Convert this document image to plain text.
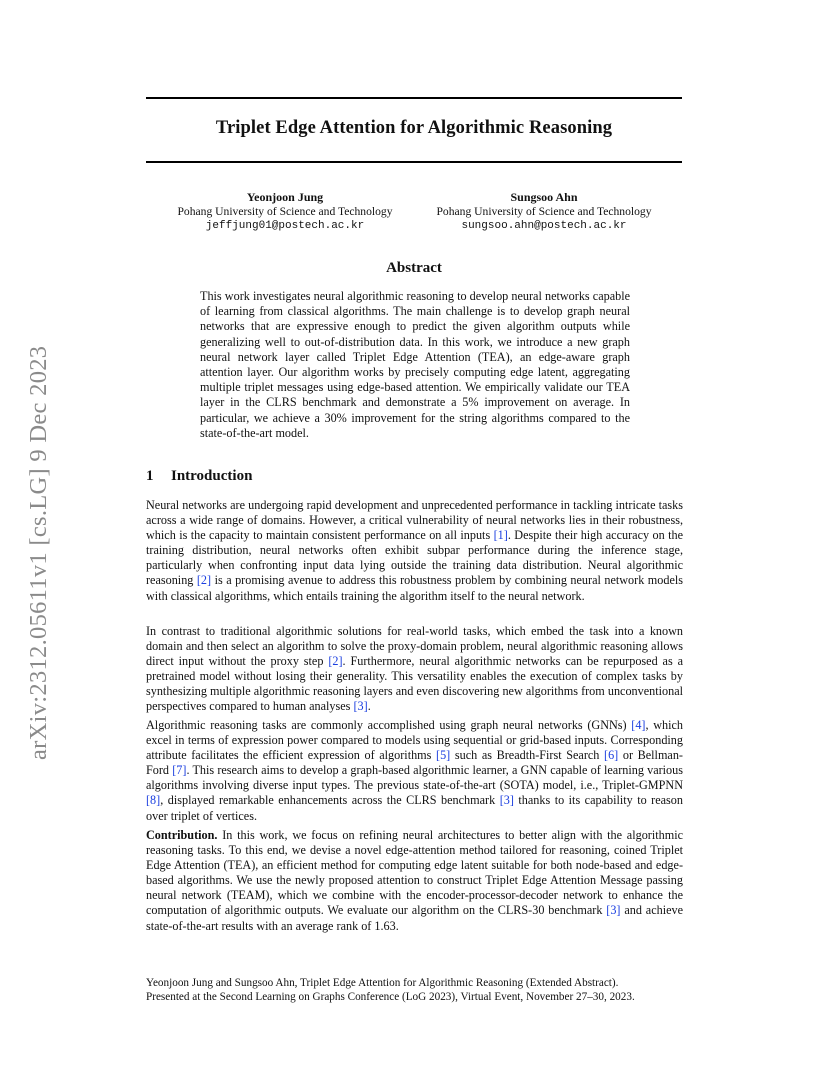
arXiv:2312.05611v1 [cs.LG] 9 Dec 2023
Triplet Edge Attention for Algorithmic Reasoning
Yeonjoon Jung
Pohang University of Science and Technology
jeffjung01@postech.ac.kr
Sungsoo Ahn
Pohang University of Science and Technology
sungsoo.ahn@postech.ac.kr
Abstract
This work investigates neural algorithmic reasoning to develop neural networks capable of learning from classical algorithms. The main challenge is to develop graph neural networks that are expressive enough to predict the given algorithm outputs while generalizing well to out-of-distribution data. In this work, we introduce a new graph neural network layer called Triplet Edge Attention (TEA), an edge-aware graph attention layer. Our algorithm works by precisely computing edge latent, aggregating multiple triplet messages using edge-based attention. We empirically validate our TEA layer in the CLRS benchmark and demonstrate a 5% improvement on average. In particular, we achieve a 30% improvement for the string algorithms compared to the state-of-the-art model.
1 Introduction

Neural networks are undergoing rapid development and unprecedented performance in tackling intricate tasks across a wide range of domains. However, a critical vulnerability of neural networks lies in their robustness, which is the capacity to maintain consistent performance on all inputs [1]. Despite their high accuracy on the training distribution, neural networks often exhibit subpar performance during the inference stage, particularly when confronting input data lying outside the training data distribution. Neural algorithmic reasoning [2] is a promising avenue to address this robustness problem by combining neural network models with classical algorithms, which entails training the algorithm itself to the neural network.

In contrast to traditional algorithmic solutions for real-world tasks, which embed the task into a known domain and then select an algorithm to solve the proxy-domain problem, neural algorithmic reasoning allows direct input without the proxy step [2]. Furthermore, neural algorithmic networks can be repurposed as a pretrained model without losing their generality. This versatility enables the execution of complex tasks by synthesizing multiple algorithmic reasoning layers and even discovering new algorithms from unconventional perspectives compared to human analyses [3].

Algorithmic reasoning tasks are commonly accomplished using graph neural networks (GNNs) [4], which excel in terms of expression power compared to models using sequential or grid-based inputs. Corresponding attribute facilitates the efficient expression of algorithms [5] such as Breadth-First Search [6] or Bellman-Ford [7]. This research aims to develop a graph-based algorithmic learner, a GNN capable of learning various algorithms involving diverse input types. The previous state-of-the-art (SOTA) model, i.e., Triplet-GMPNN [8], displayed remarkable enhancements across the CLRS benchmark [3] thanks to its capability to reason over triplet of vertices.

Contribution. In this work, we focus on refining neural architectures to better align with the algorithmic reasoning tasks. To this end, we devise a novel edge-attention method tailored for reasoning, coined Triplet Edge Attention (TEA), an efficient method for computing edge latent suitable for both node-based and edge-based algorithms. We use the newly proposed attention to construct Triplet Edge Attention Message passing neural network (TEAM), which we combine with the encoder-processor-decoder network to enhance the computation of algorithmic outputs. We evaluate our algorithm on the CLRS-30 benchmark [3] and achieve state-of-the-art results with an average rank of 1.63.

Yeonjoon Jung and Sungsoo Ahn, Triplet Edge Attention for Algorithmic Reasoning (Extended Abstract).
Presented at the Second Learning on Graphs Conference (LoG 2023), Virtual Event, November 27–30, 2023.
